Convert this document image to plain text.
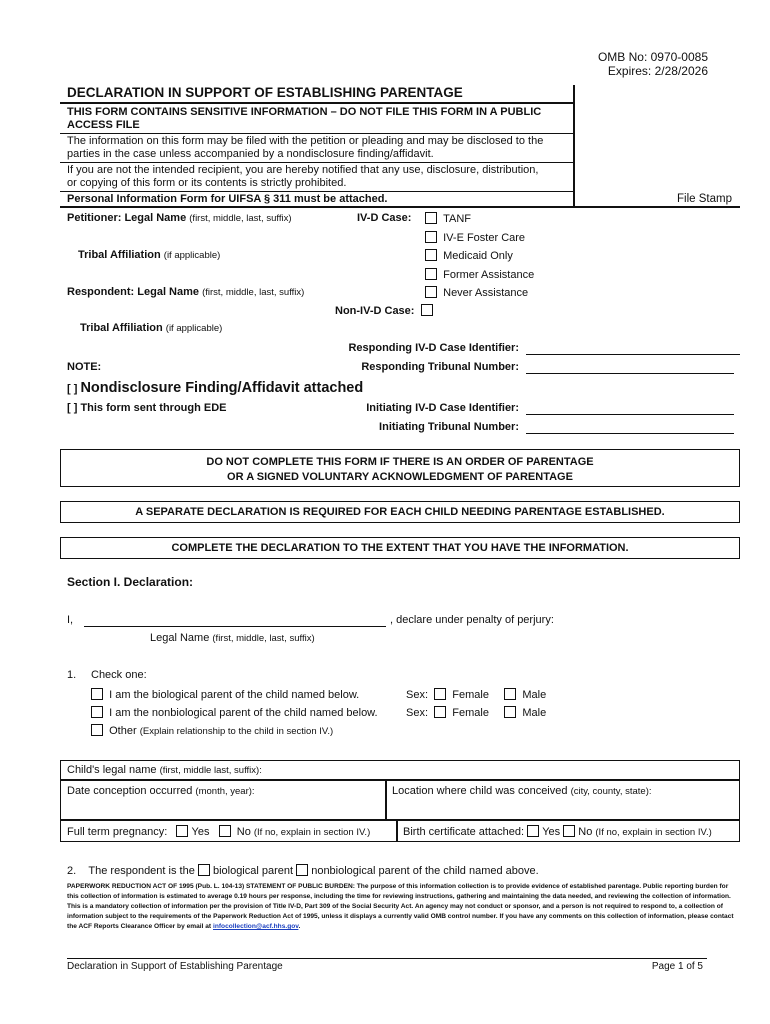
OMB No: 0970-0085
Expires: 2/28/2026
DECLARATION IN SUPPORT OF ESTABLISHING PARENTAGE
THIS FORM CONTAINS SENSITIVE INFORMATION – DO NOT FILE THIS FORM IN A PUBLIC
ACCESS FILE
The information on this form may be filed with the petition or pleading and may be disclosed to the
parties in the case unless accompanied by a nondisclosure finding/affidavit.
If you are not the intended recipient, you are hereby notified that any use, disclosure, distribution,
or copying of this form or its contents is strictly prohibited.
Personal Information Form for UIFSA § 311 must be attached.	File Stamp
Petitioner: Legal Name (first, middle, last, suffix)
Tribal Affiliation (if applicable)
Respondent: Legal Name (first, middle, last, suffix)
Tribal Affiliation (if applicable)
IV-D Case:	TANF
IV-E Foster Care
Medicaid Only
Former Assistance
Never Assistance
Non-IV-D Case:
Responding IV-D Case Identifier:
NOTE:	Responding Tribunal Number:
[ ] Nondisclosure Finding/Affidavit attached
[ ] This form sent through EDE	Initiating IV-D Case Identifier:
Initiating Tribunal Number:
DO NOT COMPLETE THIS FORM IF THERE IS AN ORDER OF PARENTAGE
OR A SIGNED VOLUNTARY ACKNOWLEDGMENT OF PARENTAGE
A SEPARATE DECLARATION IS REQUIRED FOR EACH CHILD NEEDING PARENTAGE ESTABLISHED.
COMPLETE THE DECLARATION TO THE EXTENT THAT YOU HAVE THE INFORMATION.
Section I. Declaration:
I,	, declare under penalty of perjury:
Legal Name (first, middle, last, suffix)
1. Check one:
I am the biological parent of the child named below.
I am the nonbiological parent of the child named below.
Other (Explain relationship to the child in section IV.)
Sex: Female	Male
Sex: Female	Male
Child's legal name (first, middle last, suffix):
Date conception occurred (month, year):	Location where child was conceived (city, county, state):
Full term pregnancy: Yes No (If no, explain in section IV.)	Birth certificate attached: Yes No (If no, explain in section IV.)
2. The respondent is the biological parent nonbiological parent of the child named above.
PAPERWORK REDUCTION ACT OF 1995 (Pub. L. 104-13) STATEMENT OF PUBLIC BURDEN: The purpose of this information collection is to provide evidence of established parentage. Public reporting burden for this collection of information is estimated to average 0.19 hours per response, including the time for reviewing instructions, gathering and maintaining the data needed, and reviewing the collection of information. This is a mandatory collection of information per the provision of Title IV-D, Part 309 of the Social Security Act. An agency may not conduct or sponsor, and a person is not required to respond to, a collection of information subject to the requirements of the Paperwork Reduction Act of 1995, unless it displays a currently valid OMB control number. If you have any comments on this collection of information, please contact the ACF Reports Clearance Officer by email at infocollection@acf.hhs.gov.
Declaration in Support of Establishing Parentage	Page 1 of 5
